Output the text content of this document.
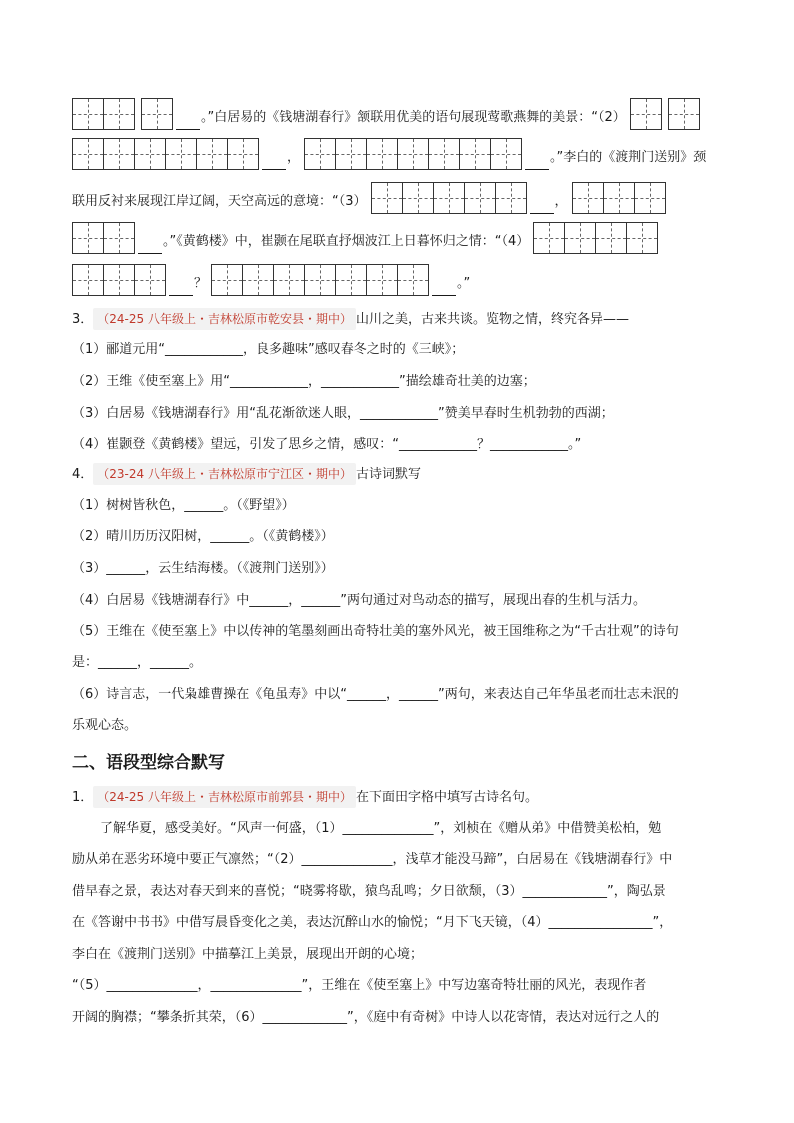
。”白居易的《钱塘湖春行》颔联用优美的语句展现莺歌燕舞的美景：“（2）
，	。”李白的《渡荆门送别》颈
联用反衬来展现江岸辽阔，天空高远的意境：“（3）	，
。”《黄鹤楼》中，崔颢在尾联直抒烟波江上日暮怀归之情：“（4）
？	。”
3． （24-25 八年级上・吉林松原市乾安县・期中） 山川之美，古来共谈。览物之情，终究各异——
（1）郦道元用“____________，良多趣味”感叹春冬之时的《三峡》；
（2）王维《使至塞上》用“____________，____________”描绘雄奇壮美的边塞；
（3）白居易《钱塘湖春行》用“乱花渐欲迷人眼，____________”赞美早春时生机勃勃的西湖；
（4）崔颢登《黄鹤楼》望远，引发了思乡之情，感叹：“____________？____________。”
4． （23-24 八年级上・吉林松原市宁江区・期中） 古诗词默写
（1）树树皆秋色，______。（《野望》）
（2）晴川历历汉阳树，______。（《黄鹤楼》）
（3）______，云生结海楼。（《渡荆门送别》）
（4）白居易《钱塘湖春行》中______，______”两句通过对鸟动态的描写，展现出春的生机与活力。
（5）王维在《使至塞上》中以传神的笔墨刻画出奇特壮美的塞外风光，被王国维称之为“千古壮观”的诗句
是：______，______。
（6）诗言志，一代枭雄曹操在《龟虽寿》中以“______，______”两句，来表达自己年华虽老而壮志未泯的
乐观心态。
二、语段型综合默写
1． （24-25 八年级上・吉林松原市前郭县・期中） 在下面田字格中填写古诗名句。
了解华夏，感受美好。“风声一何盛，（1）______________”，刘桢在《赠从弟》中借赞美松柏，勉
励从弟在恶劣环境中要正气凛然；“（2）______________，浅草才能没马蹄”，白居易在《钱塘湖春行》中
借早春之景，表达对春天到来的喜悦；“晓雾将歇，猿鸟乱鸣；夕日欲颓，（3）_____________”，陶弘景
在《答谢中书书》中借写晨昏变化之美，表达沉醉山水的愉悦；“月下飞天镜，（4）________________”，
李白在《渡荆门送别》中描摹江上美景，展现出开朗的心境；
“（5）______________，______________”，王维在《使至塞上》中写边塞奇特壮丽的风光，表现作者
开阔的胸襟；“攀条折其荣，（6）_____________”，《庭中有奇树》中诗人以花寄情，表达对远行之人的
